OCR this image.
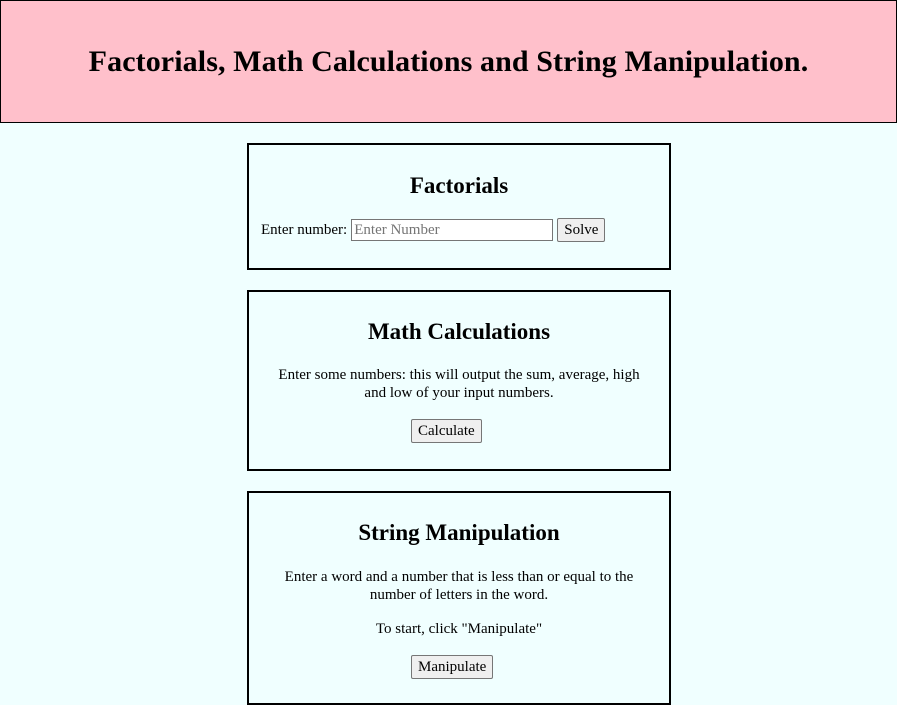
Factorials, Math Calculations and String Manipulation.
Factorials
Enter number:
Enter Number	Solve
Math Calculations

Enter some numbers: this will output the sum, average, high and low of your input numbers.

Calculate
String Manipulation

Enter a word and a number that is less than or equal to the number of letters in the word.

To start, click "Manipulate"

Manipulate
